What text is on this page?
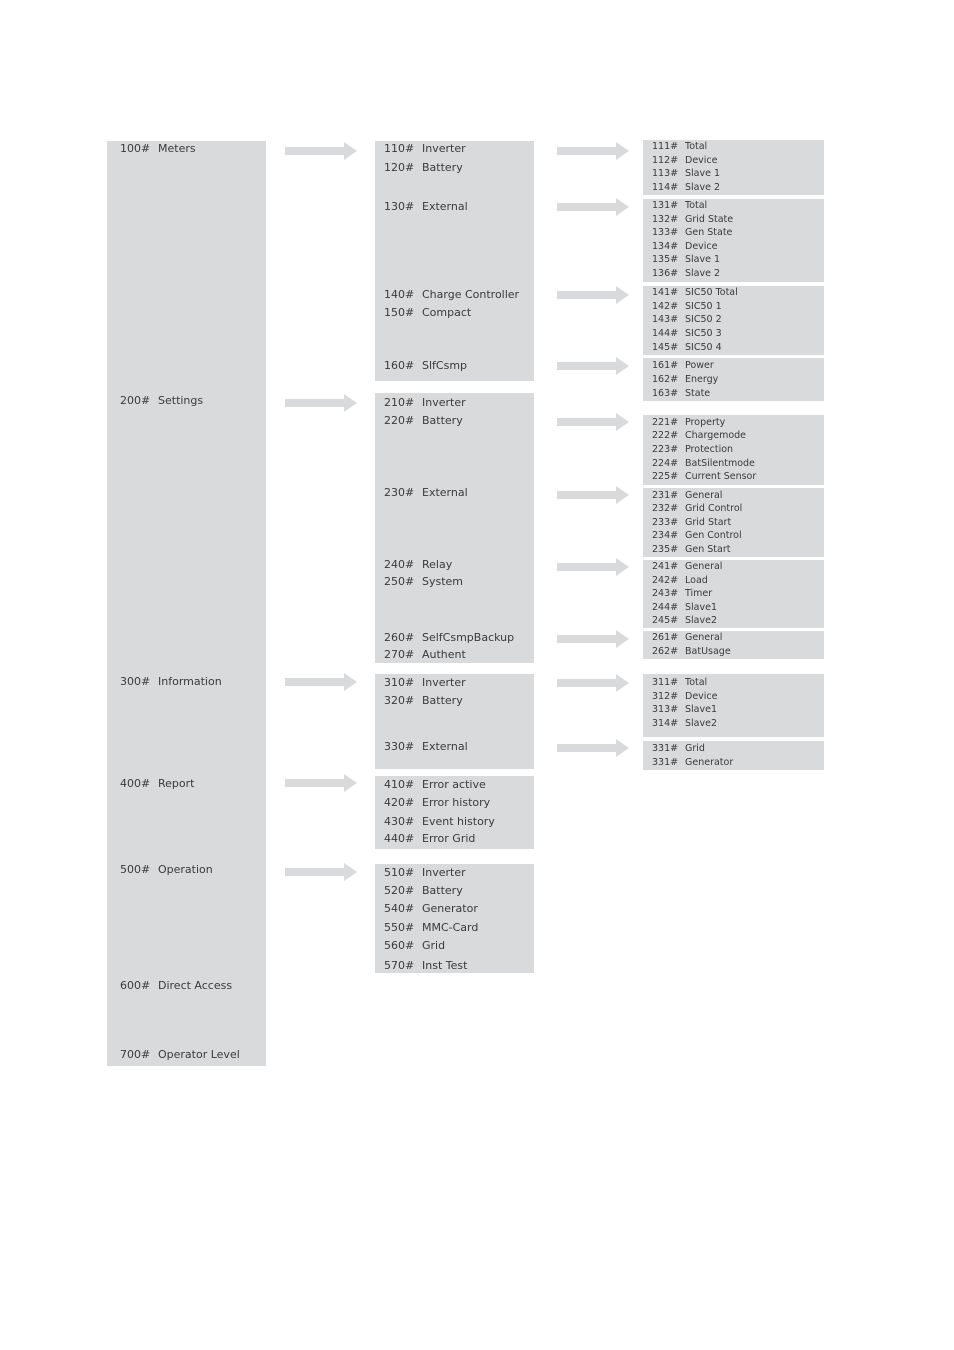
100# Meters
200# Settings
300# Information
400# Report
500# Operation
600# Direct Access
700# Operator Level
110# Inverter
120# Battery
130# External
140# Charge Controller
150# Compact
160# SlfCsmp
210# Inverter
220# Battery
230# External
240# Relay
250# System
260# SelfCsmpBackup
270# Authent
310# Inverter
320# Battery
330# External
410# Error active
420# Error history
430# Event history
440# Error Grid
510# Inverter
520# Battery
540# Generator
550# MMC-Card
560# Grid
570# Inst Test
111# Total
112# Device
113# Slave 1
114# Slave 2
131# Total
132# Grid State
133# Gen State
134# Device
135# Slave 1
136# Slave 2
141# SIC50 Total
142# SIC50 1
143# SIC50 2
144# SIC50 3
145# SIC50 4
161# Power
162# Energy
163# State
221# Property
222# Chargemode
223# Protection
224# BatSilentmode
225# Current Sensor
231# General
232# Grid Control
233# Grid Start
234# Gen Control
235# Gen Start
241# General
242# Load
243# Timer
244# Slave1
245# Slave2
261# General
262# BatUsage
311# Total
312# Device
313# Slave1
314# Slave2
331# Grid
331# Generator
